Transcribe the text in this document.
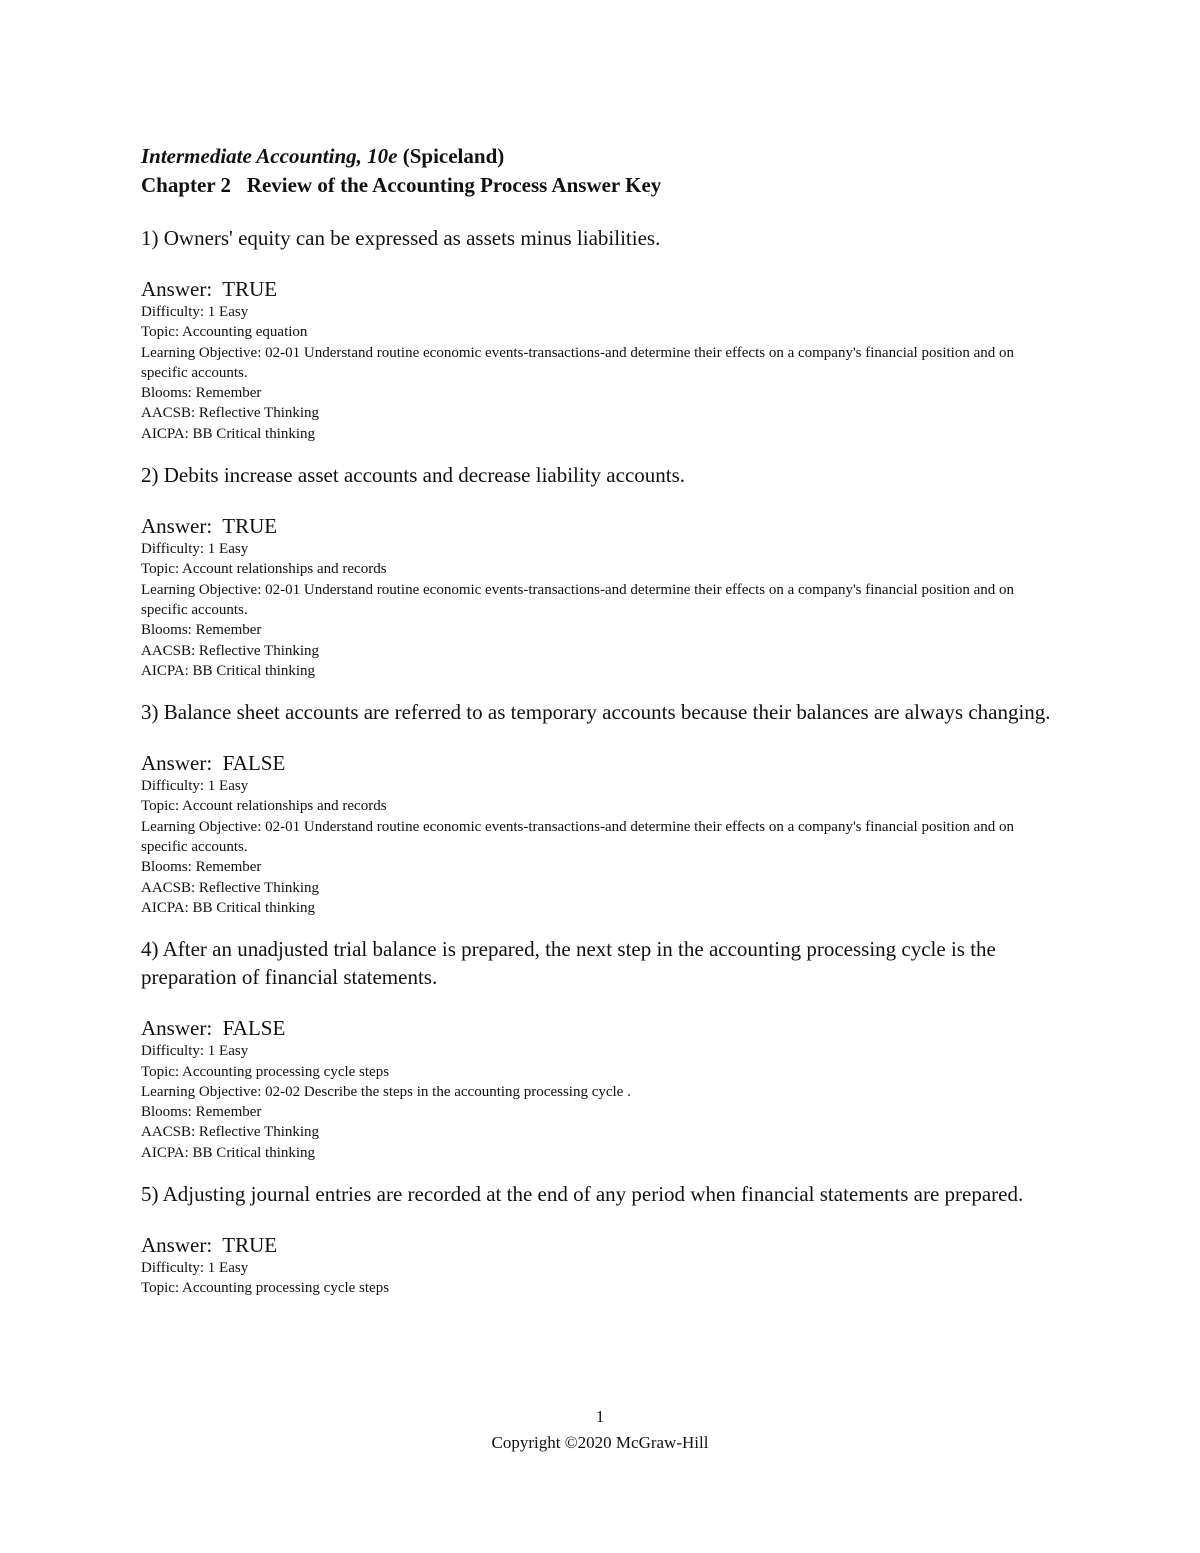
Intermediate Accounting, 10e (Spiceland)

Chapter 2   Review of the Accounting Process Answer Key

1) Owners' equity can be expressed as assets minus liabilities.

Answer:  TRUE

Difficulty: 1 Easy

Topic: Accounting equation

Learning Objective: 02-01 Understand routine economic events-transactions-and determine their effects on a company's financial position and on specific accounts.

Blooms: Remember

AACSB: Reflective Thinking

AICPA: BB Critical thinking

2) Debits increase asset accounts and decrease liability accounts.

Answer:  TRUE

Difficulty: 1 Easy

Topic: Account relationships and records

Learning Objective: 02-01 Understand routine economic events-transactions-and determine their effects on a company's financial position and on specific accounts.

Blooms: Remember

AACSB: Reflective Thinking

AICPA: BB Critical thinking

3) Balance sheet accounts are referred to as temporary accounts because their balances are always changing.

Answer:  FALSE

Difficulty: 1 Easy

Topic: Account relationships and records

Learning Objective: 02-01 Understand routine economic events-transactions-and determine their effects on a company's financial position and on specific accounts.

Blooms: Remember

AACSB: Reflective Thinking

AICPA: BB Critical thinking

4) After an unadjusted trial balance is prepared, the next step in the accounting processing cycle is the preparation of financial statements.

Answer:  FALSE

Difficulty: 1 Easy

Topic: Accounting processing cycle steps

Learning Objective: 02-02 Describe the steps in the accounting processing cycle .

Blooms: Remember

AACSB: Reflective Thinking

AICPA: BB Critical thinking

5) Adjusting journal entries are recorded at the end of any period when financial statements are prepared.

Answer:  TRUE

Difficulty: 1 Easy

Topic: Accounting processing cycle steps

1
Copyright ©2020 McGraw-Hill
